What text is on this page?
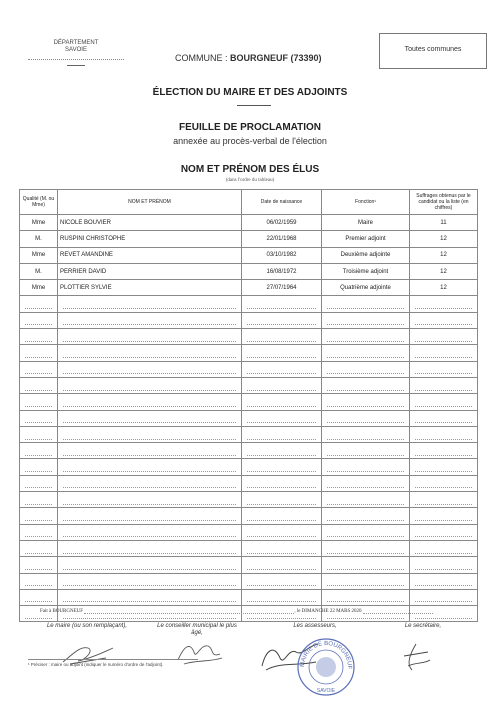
DÉPARTEMENT
SAVOIE
COMMUNE : BOURGNEUF (73390)
Toutes communes
ÉLECTION DU MAIRE ET DES ADJOINTS
FEUILLE DE PROCLAMATION
annexée au procès-verbal de l'élection
NOM ET PRÉNOM DES ÉLUS
(dans l'ordre du tableau)
Qualité (M. ou Mme)	NOM ET PRÉNOM	Date de naissance	Fonction¹	Suffrages obtenus par le candidat ou la liste (en chiffres)
Mme	NICOLE BOUVIER	06/02/1959	Maire	11
M.	RUSPINI CHRISTOPHE	22/01/1968	Premier adjoint	12
Mme	REVET AMANDINE	03/10/1982	Deuxième adjointe	12
M.	PERRIER DAVID	16/08/1972	Troisième adjoint	12
Mme	PLOTTIER SYLVIE	27/07/1964	Quatrième adjointe	12

Fait à BOURGNEUF	, le DIMANCHE 22 MARS 2020
Le maire (ou son remplaçant),	Le conseiller municipal le plus âgé,
Les assesseurs,	Le secrétaire,
MAIRIE DE BOURGNEUF
SAVOIE
¹ Préciser : maire ou adjoint (indiquer le numéro d'ordre de l'adjoint).
